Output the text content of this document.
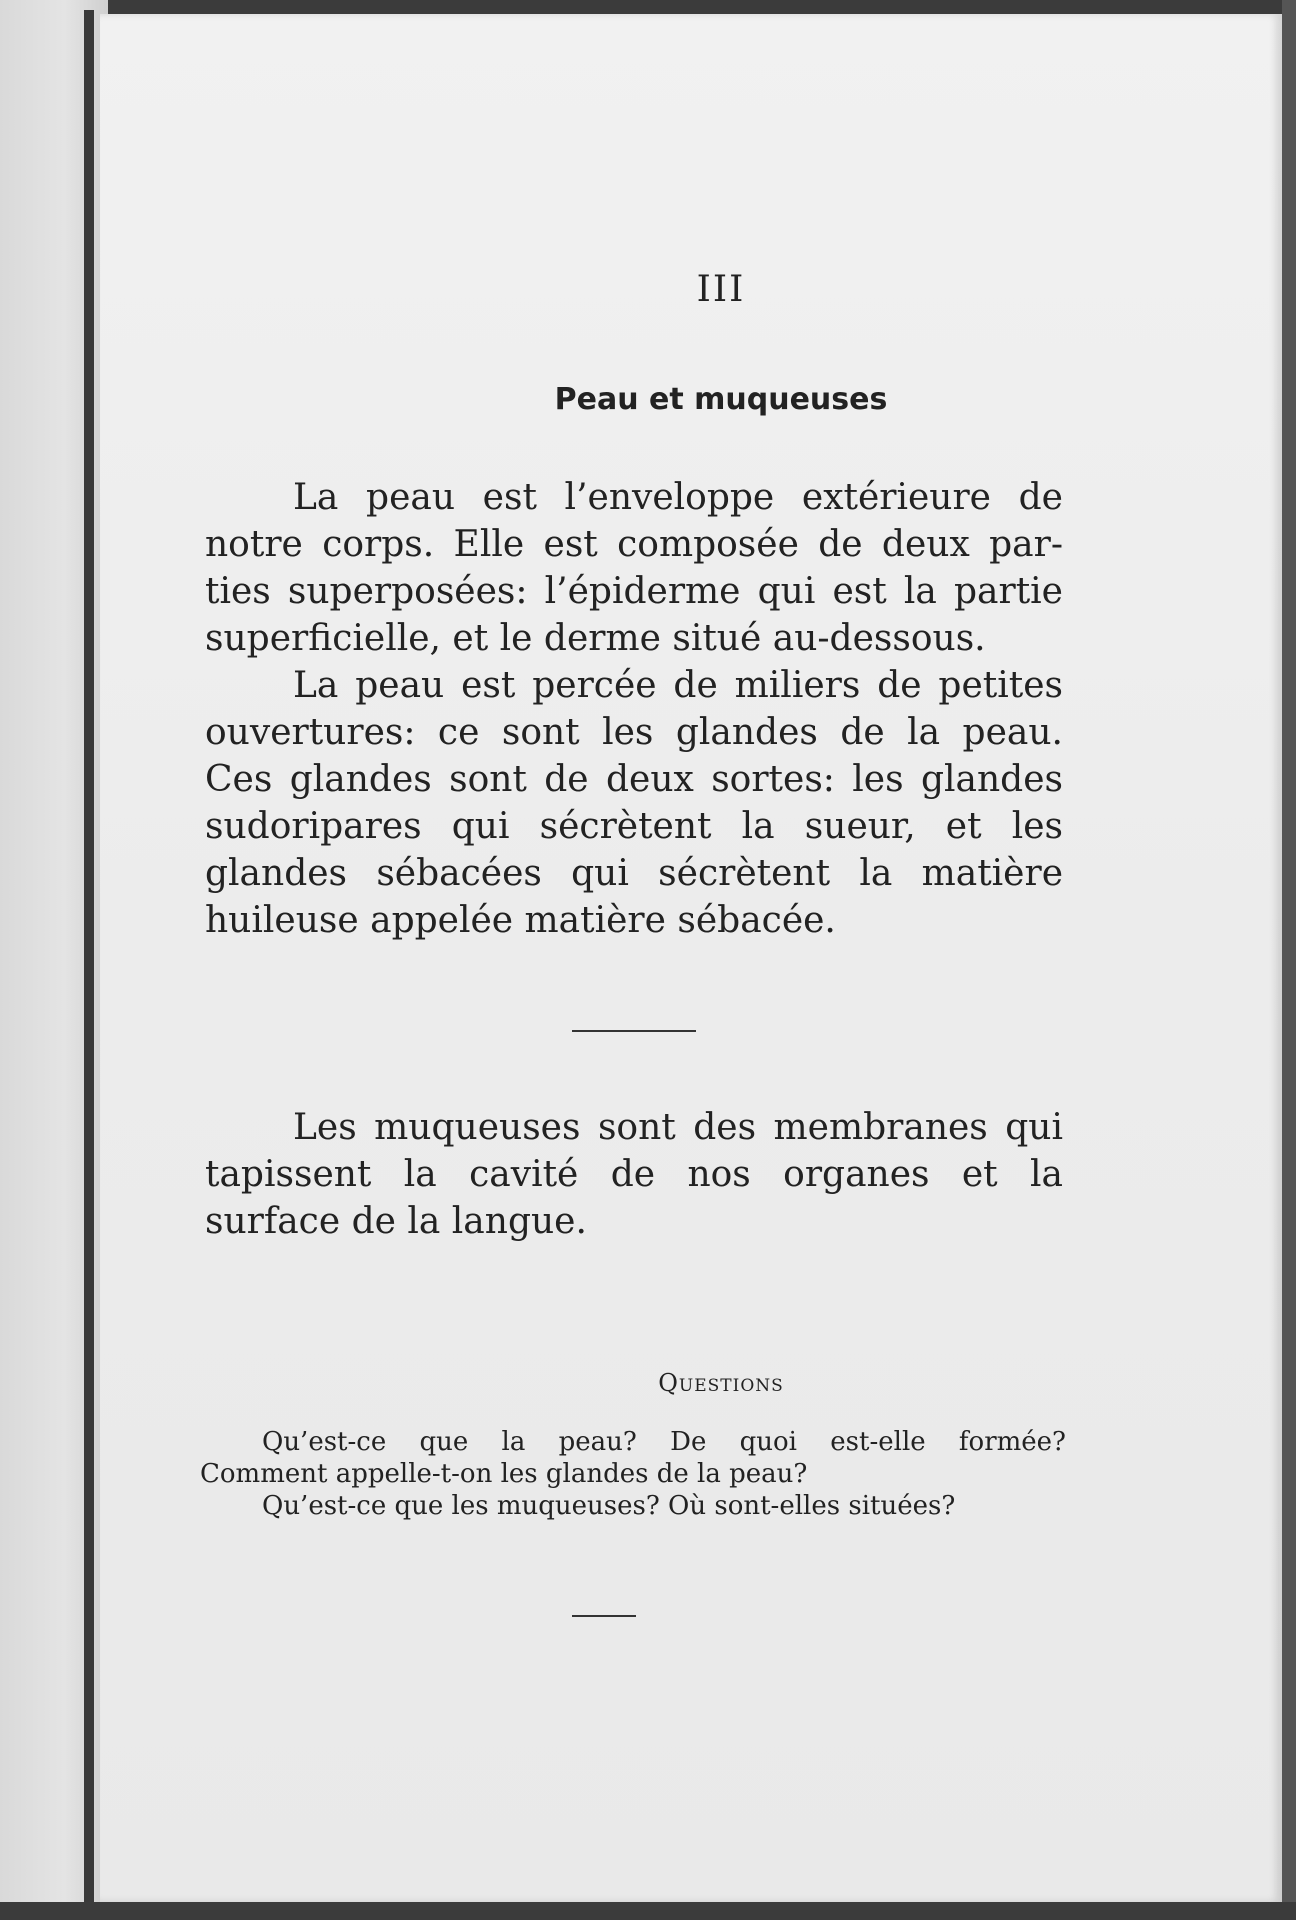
III
Peau et muqueuses

La peau est l’enveloppe extérieure de notre corps. Elle est composée de deux par-ties superposées: l’épiderme qui est la partie superficielle, et le derme situé au-dessous.

La peau est percée de miliers de petites ouvertures: ce sont les glandes de la peau. Ces glandes sont de deux sortes: les glandes sudoripares qui sécrètent la sueur, et les glandes sébacées qui sécrètent la matière huileuse appelée matière sébacée.

Les muqueuses sont des membranes qui tapissent la cavité de nos organes et la surface de la langue.

Questions
Qu’est-ce que la peau? De quoi est-elle formée?
Comment appelle-t-on les glandes de la peau?
Qu’est-ce que les muqueuses? Où sont-elles situées?
